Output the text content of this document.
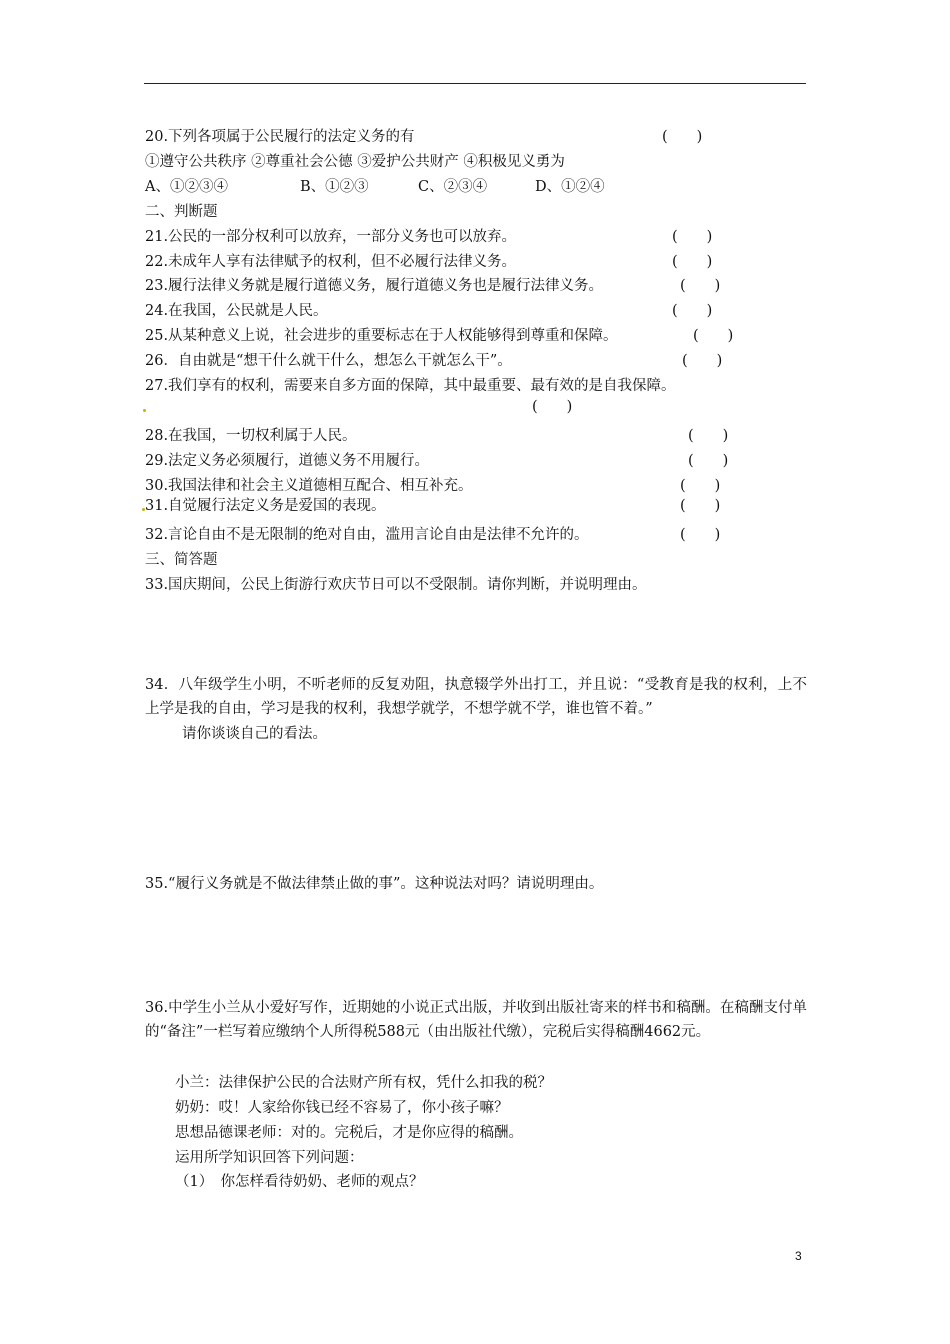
20.下列各项属于公民履行的法定义务的有	(　　)
①遵守公共秩序 ②尊重社会公德 ③爱护公共财产 ④积极见义勇为
A、①②③④	B、①②③	C、②③④	D、①②④
二、判断题
21.公民的一部分权利可以放弃，一部分义务也可以放弃。	(　　)
22.未成年人享有法律赋予的权利，但不必履行法律义务。	(　　)
23.履行法律义务就是履行道德义务，履行道德义务也是履行法律义务。	(　　)
24.在我国，公民就是人民。	(　　)
25.从某种意义上说，社会进步的重要标志在于人权能够得到尊重和保障。	(　　)
26．自由就是“想干什么就干什么，想怎么干就怎么干”。	(　　)
27.我们享有的权利，需要来自多方面的保障，其中最重要、最有效的是自我保障。
(　　)
28.在我国，一切权利属于人民。	(　　)
29.法定义务必须履行，道德义务不用履行。	(　　)
30.我国法律和社会主义道德相互配合、相互补充。	(　　)
31.自觉履行法定义务是爱国的表现。	(　　)
32.言论自由不是无限制的绝对自由，滥用言论自由是法律不允许的。	(　　)
三、简答题
33.国庆期间，公民上街游行欢庆节日可以不受限制。请你判断，并说明理由。
34．八年级学生小明，不听老师的反复劝阻，执意辍学外出打工，并且说：“受教育是我的权利，上不上学是我的自由，学习是我的权利，我想学就学，不想学就不学，谁也管不着。”
请你谈谈自己的看法。
35.“履行义务就是不做法律禁止做的事”。这种说法对吗？请说明理由。
36.中学生小兰从小爱好写作，近期她的小说正式出版，并收到出版社寄来的样书和稿酬。在稿酬支付单的“备注”一栏写着应缴纳个人所得税588元（由出版社代缴），完税后实得稿酬4662元。
小兰：法律保护公民的合法财产所有权，凭什么扣我的税？
奶奶：哎！人家给你钱已经不容易了，你小孩子嘛？
思想品德课老师：对的。完税后，才是你应得的稿酬。
运用所学知识回答下列问题：
（1）　你怎样看待奶奶、老师的观点？
3
